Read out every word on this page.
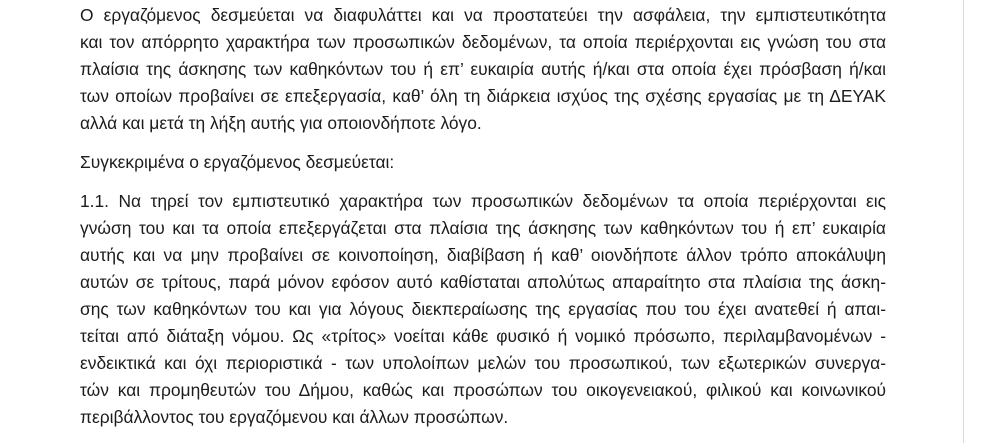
Ο εργαζόμενος δεσμεύεται να διαφυλάττει και να προστατεύει την ασφάλεια, την εμπιστευτικότητα
και τον απόρρητο χαρακτήρα των προσωπικών δεδομένων, τα οποία περιέρχονται εις γνώση του στα
πλαίσια της άσκησης των καθηκόντων του ή επ’ ευκαιρία αυτής ή/και στα οποία έχει πρόσβαση ή/και
των οποίων προβαίνει σε επεξεργασία, καθ’ όλη τη διάρκεια ισχύος της σχέσης εργασίας με τη ΔΕΥΑΚ
αλλά και μετά τη λήξη αυτής για οποιονδήποτε λόγο.
Συγκεκριμένα ο εργαζόμενος δεσμεύεται:
1.1. Να τηρεί τον εμπιστευτικό χαρακτήρα των προσωπικών δεδομένων τα οποία περιέρχονται εις
γνώση του και τα οποία επεξεργάζεται στα πλαίσια της άσκησης των καθηκόντων του ή επ’ ευκαιρία
αυτής και να μην προβαίνει σε κοινοποίηση, διαβίβαση ή καθ’ οιονδήποτε άλλον τρόπο αποκάλυψη
αυτών σε τρίτους, παρά μόνον εφόσον αυτό καθίσταται απολύτως απαραίτητο στα πλαίσια της άσκη-
σης των καθηκόντων του και για λόγους διεκπεραίωσης της εργασίας που του έχει ανατεθεί ή απαι-
τείται από διάταξη νόμου. Ως «τρίτος» νοείται κάθε φυσικό ή νομικό πρόσωπο, περιλαμβανομένων -
ενδεικτικά και όχι περιοριστικά - των υπολοίπων μελών του προσωπικού, των εξωτερικών συνεργα-
τών και προμηθευτών του Δήμου, καθώς και προσώπων του οικογενειακού, φιλικού και κοινωνικού
περιβάλλοντος του εργαζόμενου και άλλων προσώπων.
